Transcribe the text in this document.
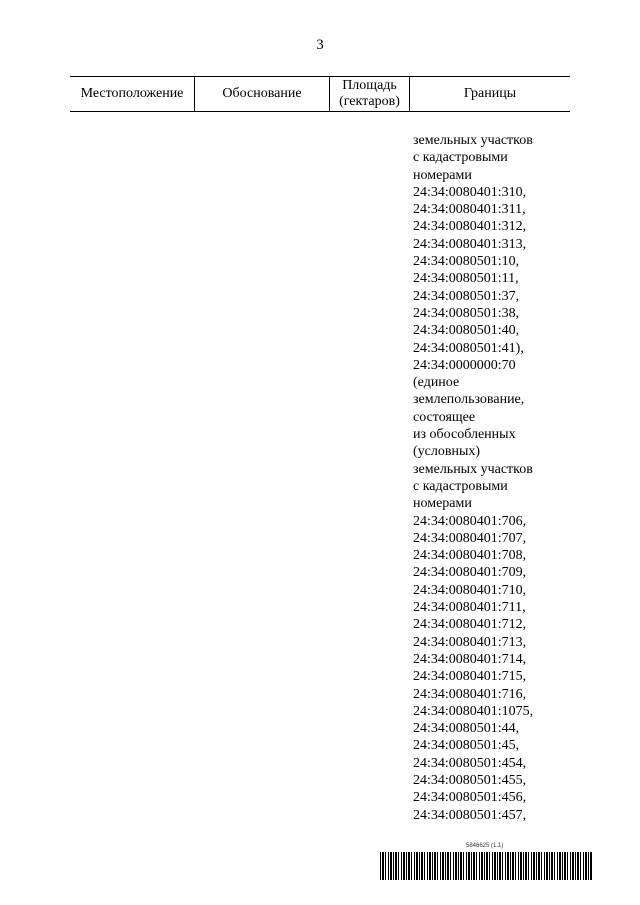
3
Местоположение	Обоснование
Площадь
(гектаров)
Границы
земельных участков
с кадастровыми
номерами
24:34:0080401:310,
24:34:0080401:311,
24:34:0080401:312,
24:34:0080401:313,
24:34:0080501:10,
24:34:0080501:11,
24:34:0080501:37,
24:34:0080501:38,
24:34:0080501:40,
24:34:0080501:41),
24:34:0000000:70
(единое
землепользование,
состоящее
из обособленных
(условных)
земельных участков
с кадастровыми
номерами
24:34:0080401:706,
24:34:0080401:707,
24:34:0080401:708,
24:34:0080401:709,
24:34:0080401:710,
24:34:0080401:711,
24:34:0080401:712,
24:34:0080401:713,
24:34:0080401:714,
24:34:0080401:715,
24:34:0080401:716,
24:34:0080401:1075,
24:34:0080501:44,
24:34:0080501:45,
24:34:0080501:454,
24:34:0080501:455,
24:34:0080501:456,
24:34:0080501:457,
5846625 (1.1)
